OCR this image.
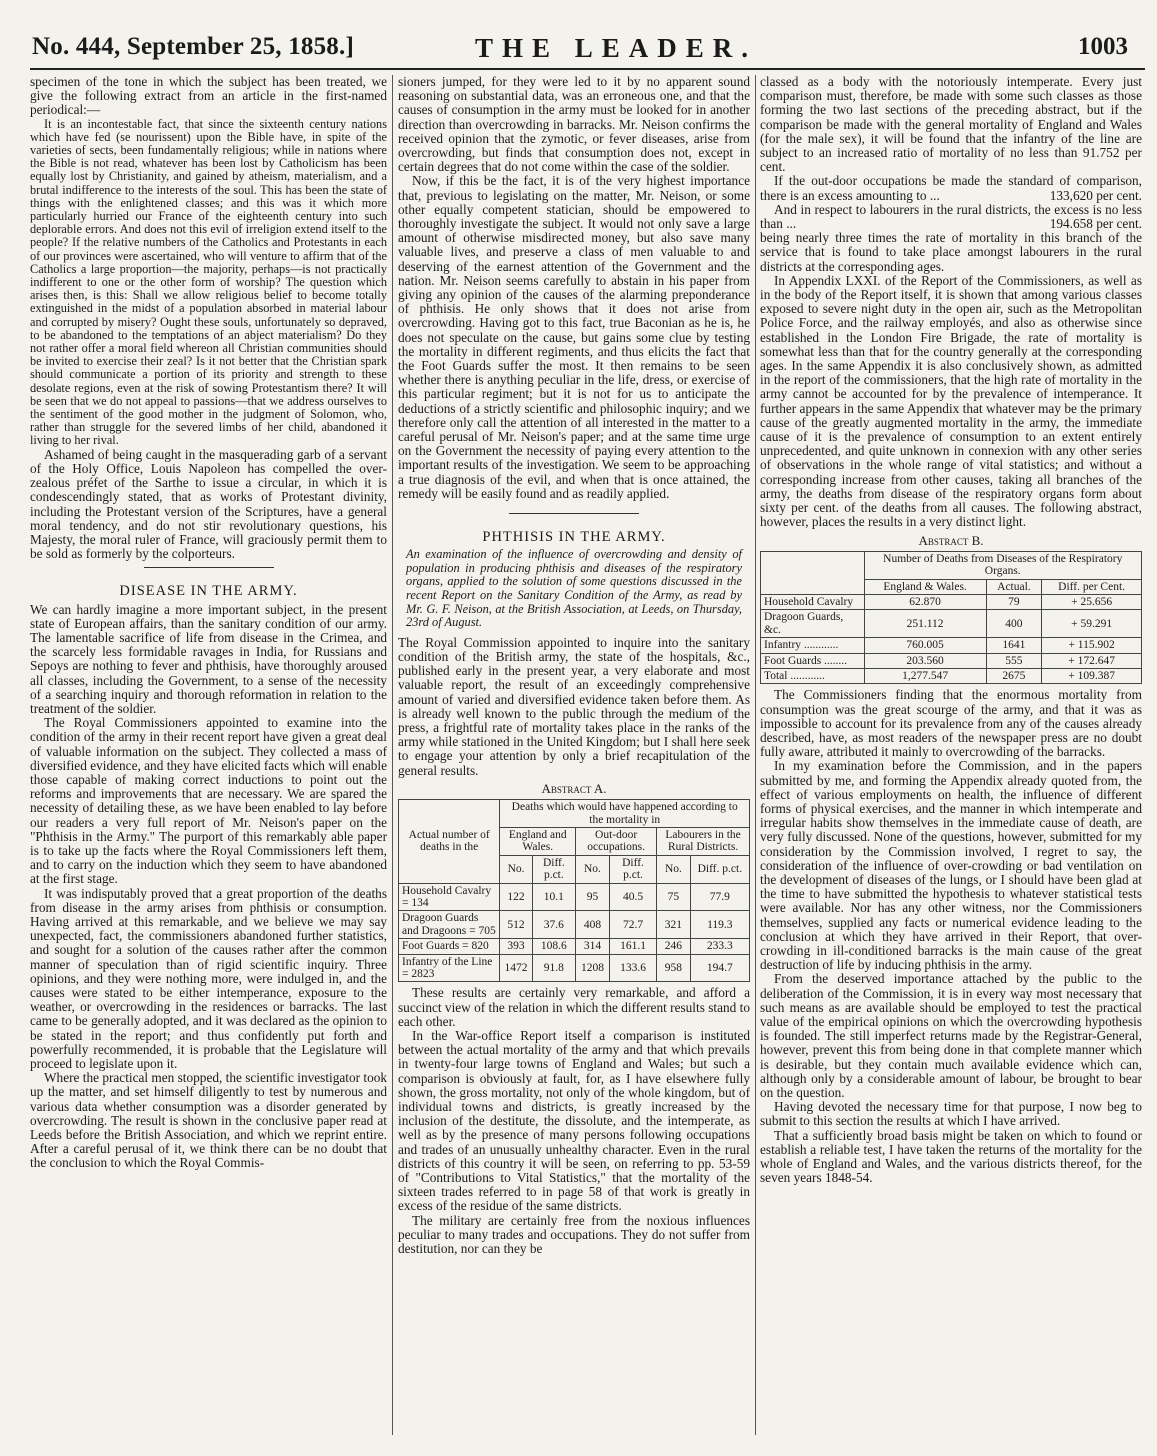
No. 444, September 25, 1858.]	THE LEADER.	1003

specimen of the tone in which the subject has been treated, we give the following extract from an article in the first-named periodical:—

It is an incontestable fact, that since the sixteenth century nations which have fed (se nourissent) upon the Bible have, in spite of the varieties of sects, been fundamentally religious; while in nations where the Bible is not read, whatever has been lost by Catholicism has been equally lost by Christianity, and gained by atheism, materialism, and a brutal indifference to the interests of the soul. This has been the state of things with the enlightened classes; and this was it which more particularly hurried our France of the eighteenth century into such deplorable errors. And does not this evil of irreligion extend itself to the people? If the relative numbers of the Catholics and Protestants in each of our provinces were ascertained, who will venture to affirm that of the Catholics a large proportion—the majority, perhaps—is not practically indifferent to one or the other form of worship? The question which arises then, is this: Shall we allow religious belief to become totally extinguished in the midst of a population absorbed in material labour and corrupted by misery? Ought these souls, unfortunately so depraved, to be abandoned to the temptations of an abject materialism? Do they not rather offer a moral field whereon all Christian communities should be invited to exercise their zeal? Is it not better that the Christian spark should communicate a portion of its priority and strength to these desolate regions, even at the risk of sowing Protestantism there? It will be seen that we do not appeal to passions—that we address ourselves to the sentiment of the good mother in the judgment of Solomon, who, rather than struggle for the severed limbs of her child, abandoned it living to her rival.

Ashamed of being caught in the masquerading garb of a servant of the Holy Office, Louis Napoleon has compelled the over-zealous préfet of the Sarthe to issue a circular, in which it is condescendingly stated, that as works of Protestant divinity, including the Protestant version of the Scriptures, have a general moral tendency, and do not stir revolutionary questions, his Majesty, the moral ruler of France, will graciously permit them to be sold as formerly by the colporteurs.

DISEASE IN THE ARMY.

We can hardly imagine a more important subject, in the present state of European affairs, than the sanitary condition of our army. The lamentable sacrifice of life from disease in the Crimea, and the scarcely less formidable ravages in India, for Russians and Sepoys are nothing to fever and phthisis, have thoroughly aroused all classes, including the Government, to a sense of the necessity of a searching inquiry and thorough reformation in relation to the treatment of the soldier.

The Royal Commissioners appointed to examine into the condition of the army in their recent report have given a great deal of valuable information on the subject. They collected a mass of diversified evidence, and they have elicited facts which will enable those capable of making correct inductions to point out the reforms and improvements that are necessary. We are spared the necessity of detailing these, as we have been enabled to lay before our readers a very full report of Mr. Neison's paper on the "Phthisis in the Army." The purport of this remarkably able paper is to take up the facts where the Royal Commissioners left them, and to carry on the induction which they seem to have abandoned at the first stage.

It was indisputably proved that a great proportion of the deaths from disease in the army arises from phthisis or consumption. Having arrived at this remarkable, and we believe we may say unexpected, fact, the commissioners abandoned further statistics, and sought for a solution of the causes rather after the common manner of speculation than of rigid scientific inquiry. Three opinions, and they were nothing more, were indulged in, and the causes were stated to be either intemperance, exposure to the weather, or overcrowding in the residences or barracks. The last came to be generally adopted, and it was declared as the opinion to be stated in the report; and thus confidently put forth and powerfully recommended, it is probable that the Legislature will proceed to legislate upon it.

Where the practical men stopped, the scientific investigator took up the matter, and set himself diligently to test by numerous and various data whether consumption was a disorder generated by overcrowding. The result is shown in the conclusive paper read at Leeds before the British Association, and which we reprint entire. After a careful perusal of it, we think there can be no doubt that the conclusion to which the Royal Commis-

sioners jumped, for they were led to it by no apparent sound reasoning on substantial data, was an erroneous one, and that the causes of consumption in the army must be looked for in another direction than overcrowding in barracks. Mr. Neison confirms the received opinion that the zymotic, or fever diseases, arise from overcrowding, but finds that consumption does not, except in certain degrees that do not come within the case of the soldier.

Now, if this be the fact, it is of the very highest importance that, previous to legislating on the matter, Mr. Neison, or some other equally competent statician, should be empowered to thoroughly investigate the subject. It would not only save a large amount of otherwise misdirected money, but also save many valuable lives, and preserve a class of men valuable to and deserving of the earnest attention of the Government and the nation. Mr. Neison seems carefully to abstain in his paper from giving any opinion of the causes of the alarming preponderance of phthisis. He only shows that it does not arise from overcrowding. Having got to this fact, true Baconian as he is, he does not speculate on the cause, but gains some clue by testing the mortality in different regiments, and thus elicits the fact that the Foot Guards suffer the most. It then remains to be seen whether there is anything peculiar in the life, dress, or exercise of this particular regiment; but it is not for us to anticipate the deductions of a strictly scientific and philosophic inquiry; and we therefore only call the attention of all interested in the matter to a careful perusal of Mr. Neison's paper; and at the same time urge on the Government the necessity of paying every attention to the important results of the investigation. We seem to be approaching a true diagnosis of the evil, and when that is once attained, the remedy will be easily found and as readily applied.

PHTHISIS IN THE ARMY.
An examination of the influence of overcrowding and density of population in producing phthisis and diseases of the respiratory organs, applied to the solution of some questions discussed in the recent Report on the Sanitary Condition of the Army, as read by Mr. G. F. Neison, at the British Association, at Leeds, on Thursday, 23rd of August.

The Royal Commission appointed to inquire into the sanitary condition of the British army, the state of the hospitals, &c., published early in the present year, a very elaborate and most valuable report, the result of an exceedingly comprehensive amount of varied and diversified evidence taken before them. As is already well known to the public through the medium of the press, a frightful rate of mortality takes place in the ranks of the army while stationed in the United Kingdom; but I shall here seek to engage your attention by only a brief recapitulation of the general results.

Abstract A.
Actual number of deaths in the	Deaths which would have happened according to the mortality in					
	England and Wales.		Out-door occupations.		Labourers in the Rural Districts.	
	No.	Diff. p.ct.	No.	Diff. p.ct.	No.	Diff. p.ct.
Household Cavalry = 134	122	10.1	95	40.5	75	77.9
Dragoon Guards and Dragoons = 705	512	37.6	408	72.7	321	119.3
Foot Guards = 820	393	108.6	314	161.1	246	233.3
Infantry of the Line = 2823	1472	91.8	1208	133.6	958	194.7

These results are certainly very remarkable, and afford a succinct view of the relation in which the different results stand to each other.

In the War-office Report itself a comparison is instituted between the actual mortality of the army and that which prevails in twenty-four large towns of England and Wales; but such a comparison is obviously at fault, for, as I have elsewhere fully shown, the gross mortality, not only of the whole kingdom, but of individual towns and districts, is greatly increased by the inclusion of the destitute, the dissolute, and the intemperate, as well as by the presence of many persons following occupations and trades of an unusually unhealthy character. Even in the rural districts of this country it will be seen, on referring to pp. 53-59 of "Contributions to Vital Statistics," that the mortality of the sixteen trades referred to in page 58 of that work is greatly in excess of the residue of the same districts.

The military are certainly free from the noxious influences peculiar to many trades and occupations. They do not suffer from destitution, nor can they be

classed as a body with the notoriously intemperate. Every just comparison must, therefore, be made with some such classes as those forming the two last sections of the preceding abstract, but if the comparison be made with the general mortality of England and Wales (for the male sex), it will be found that the infantry of the line are subject to an increased ratio of mortality of no less than 91.752 per cent.

If the out-door occupations be made the standard of comparison, there is an excess amounting to ...	133,620 per cent.

And in respect to labourers in the rural districts, the excess is no less than ...	194.658 per cent.

being nearly three times the rate of mortality in this branch of the service that is found to take place amongst labourers in the rural districts at the corresponding ages.

In Appendix LXXI. of the Report of the Commissioners, as well as in the body of the Report itself, it is shown that among various classes exposed to severe night duty in the open air, such as the Metropolitan Police Force, and the railway employés, and also as otherwise since established in the London Fire Brigade, the rate of mortality is somewhat less than that for the country generally at the corresponding ages. In the same Appendix it is also conclusively shown, as admitted in the report of the commissioners, that the high rate of mortality in the army cannot be accounted for by the prevalence of intemperance. It further appears in the same Appendix that whatever may be the primary cause of the greatly augmented mortality in the army, the immediate cause of it is the prevalence of consumption to an extent entirely unprecedented, and quite unknown in connexion with any other series of observations in the whole range of vital statistics; and without a corresponding increase from other causes, taking all branches of the army, the deaths from disease of the respiratory organs form about sixty per cent. of the deaths from all causes. The following abstract, however, places the results in a very distinct light.

Abstract B.
	Number of Deaths from Diseases of the Respiratory Organs.		
	England & Wales.	Actual.	Diff. per Cent.
Household Cavalry	62.870	79	+ 25.656
Dragoon Guards, &c.	251.112	400	+ 59.291
Infantry ............	760.005	1641	+ 115.902
Foot Guards ........	203.560	555	+ 172.647
Total ............	1,277.547	2675	+ 109.387

The Commissioners finding that the enormous mortality from consumption was the great scourge of the army, and that it was as impossible to account for its prevalence from any of the causes already described, have, as most readers of the newspaper press are no doubt fully aware, attributed it mainly to overcrowding of the barracks.

In my examination before the Commission, and in the papers submitted by me, and forming the Appendix already quoted from, the effect of various employments on health, the influence of different forms of physical exercises, and the manner in which intemperate and irregular habits show themselves in the immediate cause of death, are very fully discussed. None of the questions, however, submitted for my consideration by the Commission involved, I regret to say, the consideration of the influence of over-crowding or bad ventilation on the development of diseases of the lungs, or I should have been glad at the time to have submitted the hypothesis to whatever statistical tests were available. Nor has any other witness, nor the Commissioners themselves, supplied any facts or numerical evidence leading to the conclusion at which they have arrived in their Report, that over-crowding in ill-conditioned barracks is the main cause of the great destruction of life by inducing phthisis in the army.

From the deserved importance attached by the public to the deliberation of the Commission, it is in every way most necessary that such means as are available should be employed to test the practical value of the empirical opinions on which the overcrowding hypothesis is founded. The still imperfect returns made by the Registrar-General, however, prevent this from being done in that complete manner which is desirable, but they contain much available evidence which can, although only by a considerable amount of labour, be brought to bear on the question.

Having devoted the necessary time for that purpose, I now beg to submit to this section the results at which I have arrived.

That a sufficiently broad basis might be taken on which to found or establish a reliable test, I have taken the returns of the mortality for the whole of England and Wales, and the various districts thereof, for the seven years 1848-54.
